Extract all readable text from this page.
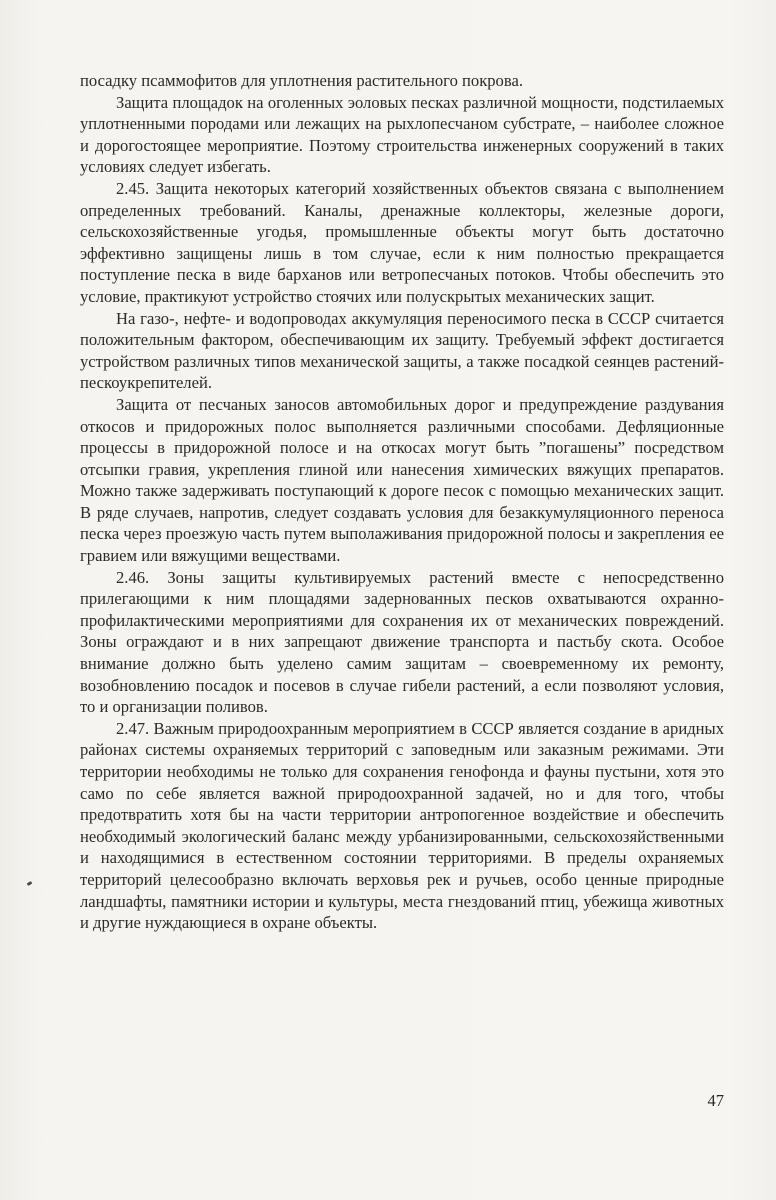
посадку псаммофитов для уплотнения растительного покрова.

Защита площадок на оголенных эоловых песках различной мощности, подстилаемых уплотненными породами или лежащих на рыхлопесчаном субстрате, – наиболее сложное и дорогостоящее мероприятие. Поэтому строительства инженерных сооружений в таких условиях следует избегать.

2.45. Защита некоторых категорий хозяйственных объектов связана с выполнением определенных требований. Каналы, дренажные коллекторы, железные дороги, сельскохозяйственные угодья, промышленные объекты могут быть достаточно эффективно защищены лишь в том случае, если к ним полностью прекращается поступление песка в виде барханов или ветропесчаных потоков. Чтобы обеспечить это условие, практикуют устройство стоячих или полускрытых механических защит.

На газо-, нефте- и водопроводах аккумуляция переносимого песка в СССР считается положительным фактором, обеспечивающим их защиту. Требуемый эффект достигается устройством различных типов механической защиты, а также посадкой сеянцев растений-пескоукрепителей.

Защита от песчаных заносов автомобильных дорог и предупреждение раздувания откосов и придорожных полос выполняется различными способами. Дефляционные процессы в придорожной полосе и на откосах могут быть ”погашены” посредством отсыпки гравия, укрепления глиной или нанесения химических вяжущих препаратов. Можно также задерживать поступающий к дороге песок с помощью механических защит. В ряде случаев, напротив, следует создавать условия для безаккумуляционного переноса песка через проезжую часть путем выполаживания придорожной полосы и закрепления ее гравием или вяжущими веществами.

2.46. Зоны защиты культивируемых растений вместе с непосредственно прилегающими к ним площадями задернованных песков охватываются охранно-профилактическими мероприятиями для сохранения их от механических повреждений. Зоны ограждают и в них запрещают движение транспорта и пастьбу скота. Особое внимание должно быть уделено самим защитам – своевременному их ремонту, возобновлению посадок и посевов в случае гибели растений, а если позволяют условия, то и организации поливов.

2.47. Важным природоохранным мероприятием в СССР является создание в аридных районах системы охраняемых территорий с заповедным или заказным режимами. Эти территории необходимы не только для сохранения генофонда и фауны пустыни, хотя это само по себе является важной природоохранной задачей, но и для того, чтобы предотвратить хотя бы на части территории антропогенное воздействие и обеспечить необходимый экологический баланс между урбанизированными, сельскохозяйственными и находящимися в естественном состоянии территориями. В пределы охраняемых территорий целесообразно включать верховья рек и ручьев, особо ценные природные ландшафты, памятники истории и культуры, места гнездований птиц, убежища животных и другие нуждающиеся в охране объекты.

47
